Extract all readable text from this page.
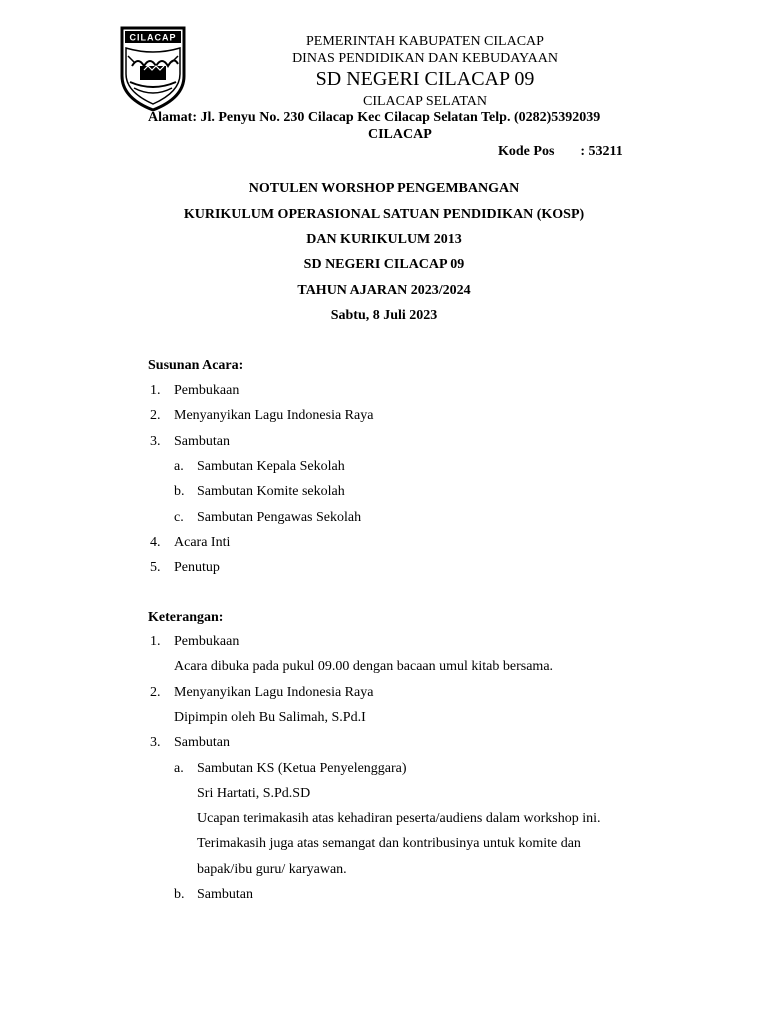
CILACAP	PEMERINTAH KABUPATEN CILACAP
DINAS PENDIDIKAN DAN KEBUDAYAAN
SD NEGERI CILACAP 09
CILACAP SELATAN
Alamat: Jl. Penyu No. 230 Cilacap Kec Cilacap Selatan Telp. (0282)5392039
CILACAP
Kode Pos : 53211
NOTULEN WORSHOP PENGEMBANGAN
KURIKULUM OPERASIONAL SATUAN PENDIDIKAN (KOSP)
DAN KURIKULUM 2013
SD NEGERI CILACAP 09
TAHUN AJARAN 2023/2024
Sabtu, 8 Juli 2023
Susunan Acara:
1. Pembukaan
2. Menyanyikan Lagu Indonesia Raya
3. Sambutan
a. Sambutan Kepala Sekolah
b. Sambutan Komite sekolah
c. Sambutan Pengawas Sekolah
4. Acara Inti
5. Penutup
Keterangan:
1. Pembukaan
Acara dibuka pada pukul 09.00 dengan bacaan umul kitab bersama.
2. Menyanyikan Lagu Indonesia Raya
Dipimpin oleh Bu Salimah, S.Pd.I
3. Sambutan
a. Sambutan KS (Ketua Penyelenggara)
Sri Hartati, S.Pd.SD
Ucapan terimakasih atas kehadiran peserta/audiens dalam workshop ini.
Terimakasih juga atas semangat dan kontribusinya untuk komite dan
bapak/ibu guru/ karyawan.
b. Sambutan
